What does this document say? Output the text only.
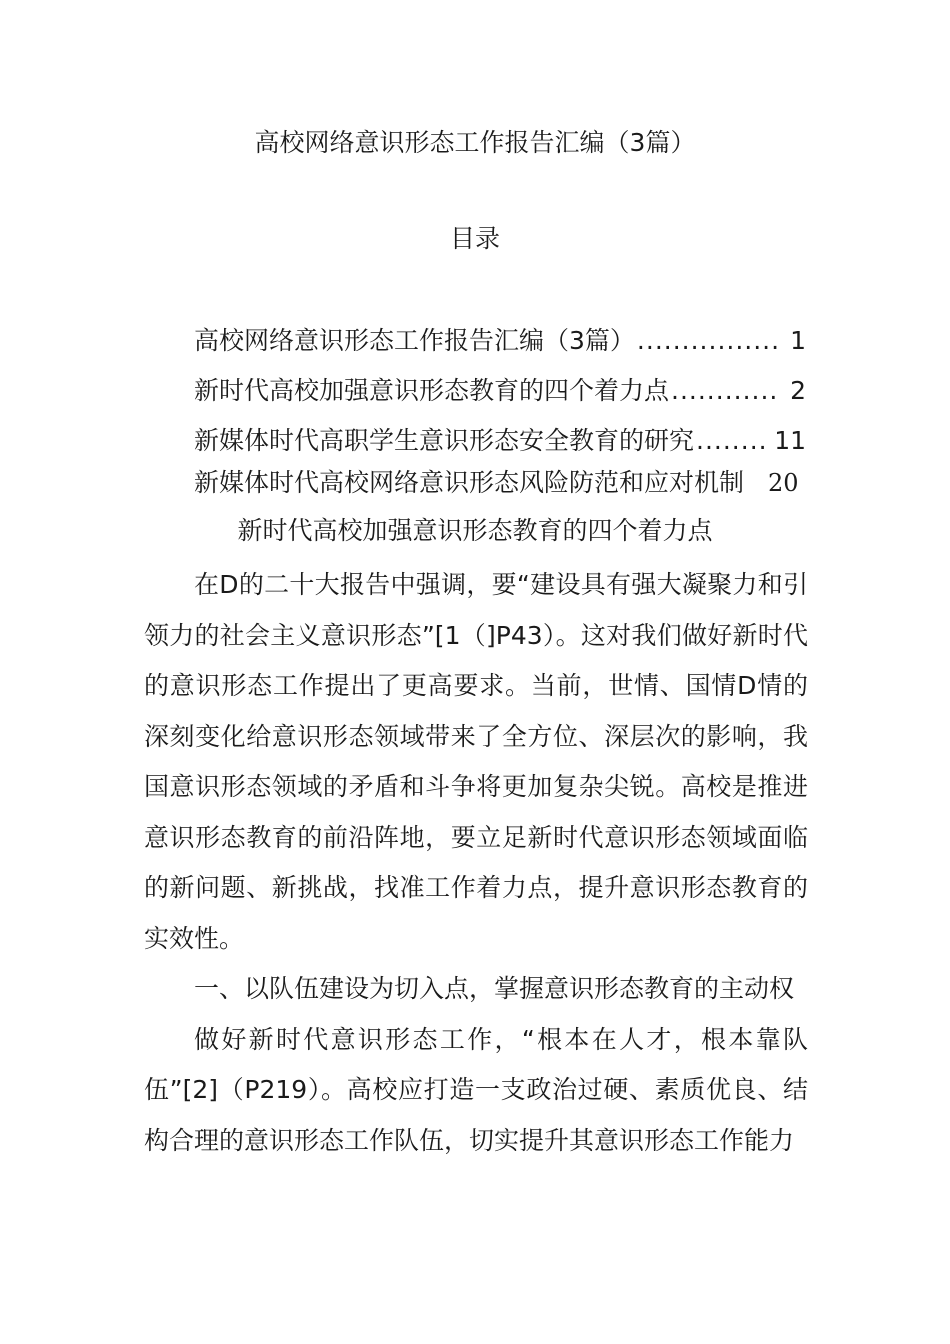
高校网络意识形态工作报告汇编（3篇）
目录
高校网络意识形态工作报告汇编（3篇） ................ 1
新时代高校加强意识形态教育的四个着力点 ............ 2
新媒体时代高职学生意识形态安全教育的研究 ........ 11
新媒体时代高校网络意识形态风险防范和应对机制	20
新时代高校加强意识形态教育的四个着力点

在D的二十大报告中强调，要“建设具有强大凝聚力和引领力的社会主义意识形态”[1（]P43）。这对我们做好新时代的意识形态工作提出了更高要求。当前，世情、国情D情的深刻变化给意识形态领域带来了全方位、深层次的影响，我国意识形态领域的矛盾和斗争将更加复杂尖锐。高校是推进意识形态教育的前沿阵地，要立足新时代意识形态领域面临的新问题、新挑战，找准工作着力点，提升意识形态教育的实效性。

一、以队伍建设为切入点，掌握意识形态教育的主动权

做好新时代意识形态工作，“根本在人才，根本靠队伍”[2]（P219）。高校应打造一支政治过硬、素质优良、结构合理的意识形态工作队伍，切实提升其意识形态工作能力
